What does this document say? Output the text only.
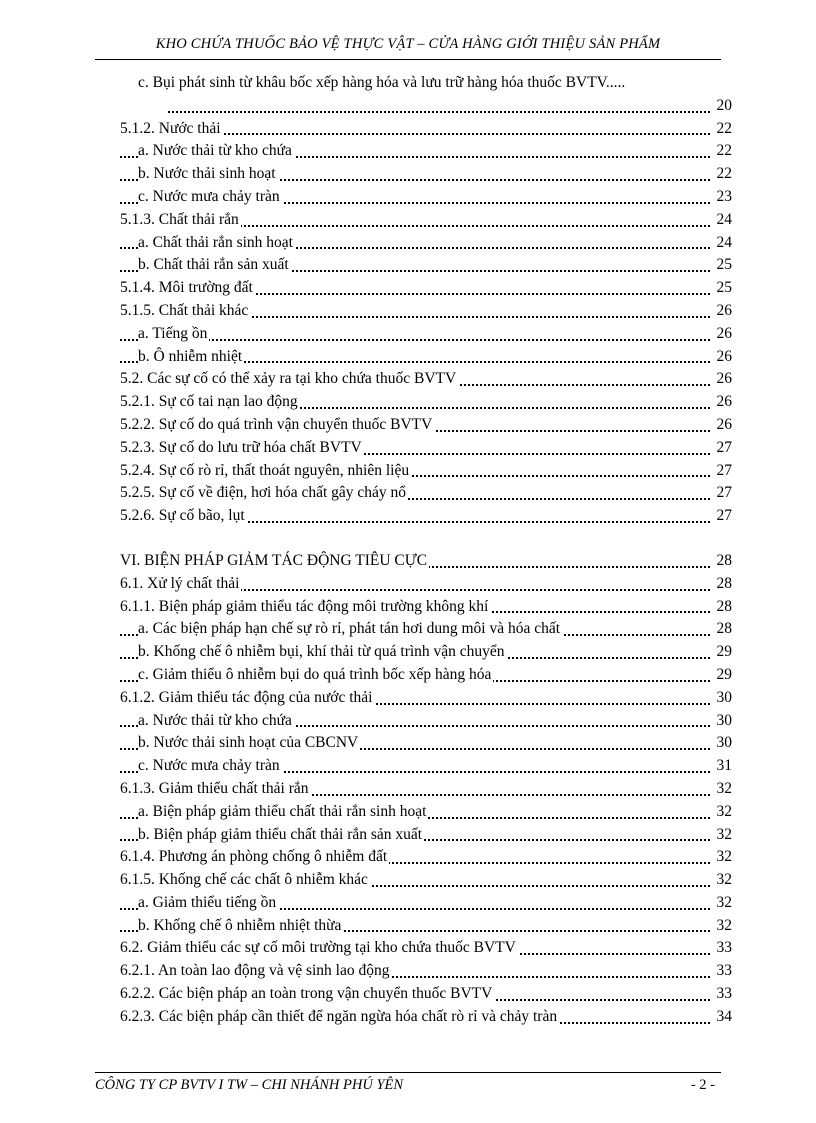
KHO CHỨA THUỐC BẢO VỆ THỰC VẬT – CỬA HÀNG GIỚI THIỆU SẢN PHẨM
c. Bụi phát sinh từ khâu bốc xếp hàng hóa và lưu trữ hàng hóa thuốc BVTV.....
20
5.1.2. Nước thải	22
a. Nước thải từ kho chứa	22
b. Nước thải sinh hoạt	22
c. Nước mưa chảy tràn	23
5.1.3. Chất thải rắn	24
a. Chất thải rắn sinh hoạt	24
b. Chất thải rắn sản xuất	25
5.1.4. Môi trường đất	25
5.1.5. Chất thải khác	26
a. Tiếng ồn	26
b. Ô nhiễm nhiệt	26
5.2. Các sự cố có thể xảy ra tại kho chứa thuốc BVTV	26
5.2.1. Sự cố tai nạn lao động	26
5.2.2. Sự cố do quá trình vận chuyển thuốc BVTV	26
5.2.3. Sự cố do lưu trữ hóa chất BVTV	27
5.2.4. Sự cố rò rỉ, thất thoát nguyên, nhiên liệu	27
5.2.5. Sự cố về điện, hơi hóa chất gây cháy nổ	27
5.2.6. Sự cố bão, lụt	27
VI. BIỆN PHÁP GIẢM TÁC ĐỘNG TIÊU CỰC	28
6.1. Xử lý chất thải	28
6.1.1. Biện pháp giảm thiểu tác động môi trường không khí	28
a. Các biện pháp hạn chế sự rò rỉ, phát tán hơi dung môi và hóa chất	28
b. Khống chế ô nhiễm bụi, khí thải từ quá trình vận chuyển	29
c. Giảm thiểu ô nhiễm bụi do quá trình bốc xếp hàng hóa	29
6.1.2. Giảm thiểu tác động của nước thải	30
a. Nước thải từ kho chứa	30
b. Nước thải sinh hoạt của CBCNV	30
c. Nước mưa chảy tràn	31
6.1.3. Giảm thiểu chất thải rắn	32
a. Biện pháp giảm thiểu chất thải rắn sinh hoạt	32
b. Biện pháp giảm thiểu chất thải rắn sản xuất	32
6.1.4. Phương án phòng chống ô nhiễm đất	32
6.1.5. Khống chế các chất ô nhiễm khác	32
a. Giảm thiểu tiếng ồn	32
b. Khống chế ô nhiễm nhiệt thừa	32
6.2. Giảm thiểu các sự cố môi trường tại kho chứa thuốc BVTV	33
6.2.1. An toàn lao động và vệ sinh lao động	33
6.2.2. Các biện pháp an toàn trong vận chuyển thuốc BVTV	33
6.2.3. Các biện pháp cần thiết để ngăn ngừa hóa chất rò rỉ và chảy tràn	34
CÔNG TY CP BVTV I TW – CHI NHÁNH PHÚ YÊN	- 2 -
